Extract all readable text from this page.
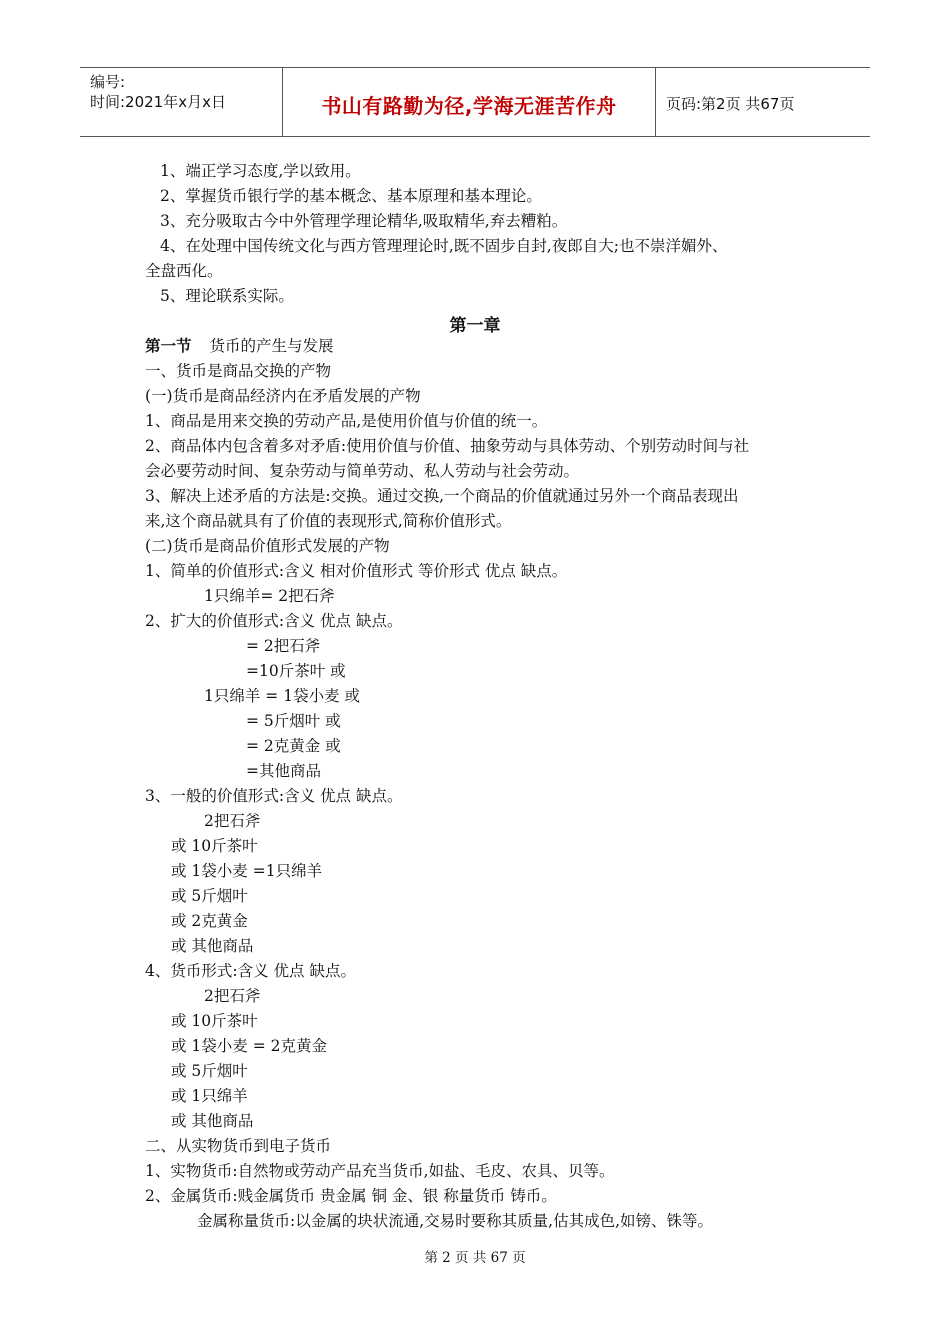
编号:
时间:2021年x月x日	书山有路勤为径,学海无涯苦作舟	页码:第2页 共67页
1、端正学习态度,学以致用。
2、掌握货币银行学的基本概念、基本原理和基本理论。
3、充分吸取古今中外管理学理论精华,吸取精华,弃去糟粕。
4、在处理中国传统文化与西方管理理论时,既不固步自封,夜郎自大;也不崇洋媚外、
全盘西化。
5、理论联系实际。
第一章
第一节 货币的产生与发展
一、货币是商品交换的产物
(一)货币是商品经济内在矛盾发展的产物
1、商品是用来交换的劳动产品,是使用价值与价值的统一。
2、商品体内包含着多对矛盾:使用价值与价值、抽象劳动与具体劳动、个别劳动时间与社
会必要劳动时间、复杂劳动与简单劳动、私人劳动与社会劳动。
3、解决上述矛盾的方法是:交换。通过交换,一个商品的价值就通过另外一个商品表现出
来,这个商品就具有了价值的表现形式,简称价值形式。
(二)货币是商品价值形式发展的产物
1、简单的价值形式:含义 相对价值形式 等价形式 优点 缺点。
1只绵羊= 2把石斧
2、扩大的价值形式:含义 优点 缺点。
= 2把石斧
=10斤茶叶 或
1只绵羊 = 1袋小麦 或
= 5斤烟叶 或
= 2克黄金 或
=其他商品
3、一般的价值形式:含义 优点 缺点。
2把石斧
或 10斤茶叶
或 1袋小麦 =1只绵羊
或 5斤烟叶
或 2克黄金
或 其他商品
4、货币形式:含义 优点 缺点。
2把石斧
或 10斤茶叶
或 1袋小麦 = 2克黄金
或 5斤烟叶
或 1只绵羊
或 其他商品
二、从实物货币到电子货币
1、实物货币:自然物或劳动产品充当货币,如盐、毛皮、农具、贝等。
2、金属货币:贱金属货币 贵金属 铜 金、银 称量货币 铸币。
金属称量货币:以金属的块状流通,交易时要称其质量,估其成色,如镑、铢等。
第 2 页 共 67 页
